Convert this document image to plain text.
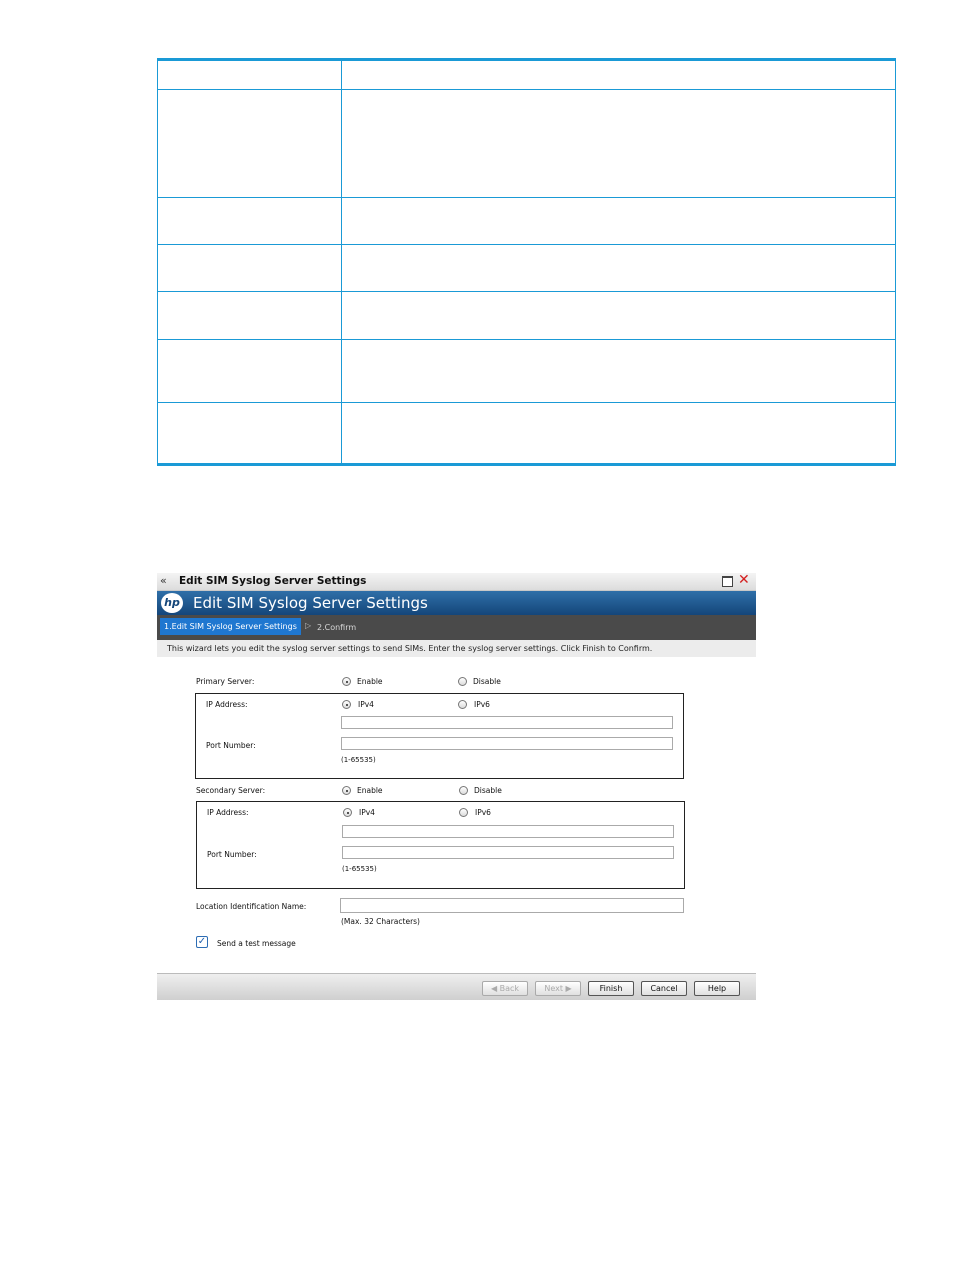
« Edit SIM Syslog Server Settings	✕
hp Edit SIM Syslog Server Settings
1.Edit SIM Syslog Server Settings	▷ 2.Confirm
This wizard lets you edit the syslog server settings to send SIMs. Enter the syslog server settings. Click Finish to Confirm.
Primary Server:	Enable	Disable
IP Address:	IPv4	IPv6
Port Number:
(1-65535)
Secondary Server:	Enable	Disable
IP Address:	IPv4	IPv6
Port Number:
(1-65535)
Location Identification Name:
(Max. 32 Characters)
✓ Send a test message
◀ Back	Next ▶	Finish	Cancel	Help
